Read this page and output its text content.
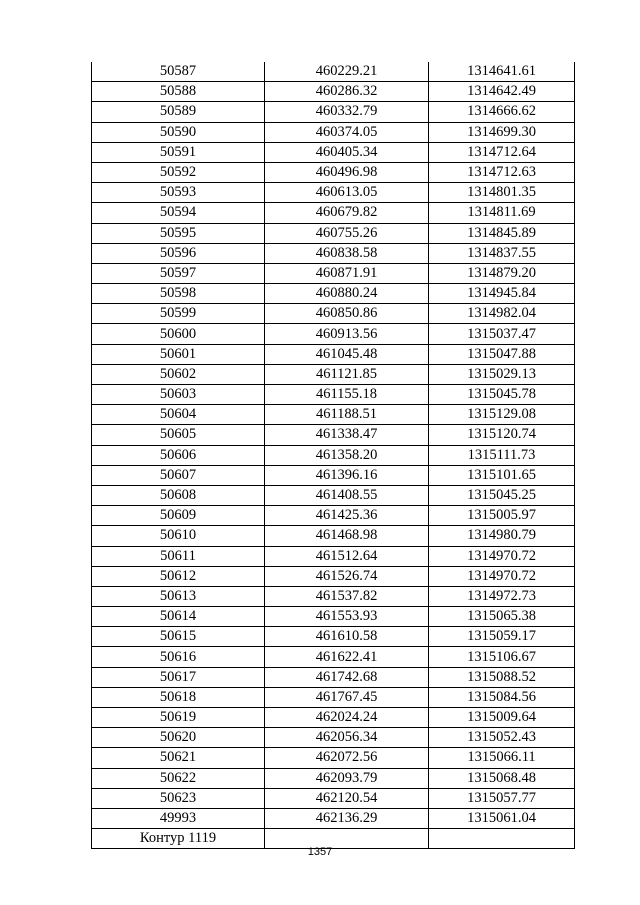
50587	460229.21	1314641.61
50588	460286.32	1314642.49
50589	460332.79	1314666.62
50590	460374.05	1314699.30
50591	460405.34	1314712.64
50592	460496.98	1314712.63
50593	460613.05	1314801.35
50594	460679.82	1314811.69
50595	460755.26	1314845.89
50596	460838.58	1314837.55
50597	460871.91	1314879.20
50598	460880.24	1314945.84
50599	460850.86	1314982.04
50600	460913.56	1315037.47
50601	461045.48	1315047.88
50602	461121.85	1315029.13
50603	461155.18	1315045.78
50604	461188.51	1315129.08
50605	461338.47	1315120.74
50606	461358.20	1315111.73
50607	461396.16	1315101.65
50608	461408.55	1315045.25
50609	461425.36	1315005.97
50610	461468.98	1314980.79
50611	461512.64	1314970.72
50612	461526.74	1314970.72
50613	461537.82	1314972.73
50614	461553.93	1315065.38
50615	461610.58	1315059.17
50616	461622.41	1315106.67
50617	461742.68	1315088.52
50618	461767.45	1315084.56
50619	462024.24	1315009.64
50620	462056.34	1315052.43
50621	462072.56	1315066.11
50622	462093.79	1315068.48
50623	462120.54	1315057.77
49993	462136.29	1315061.04
Контур 1119		
1357
